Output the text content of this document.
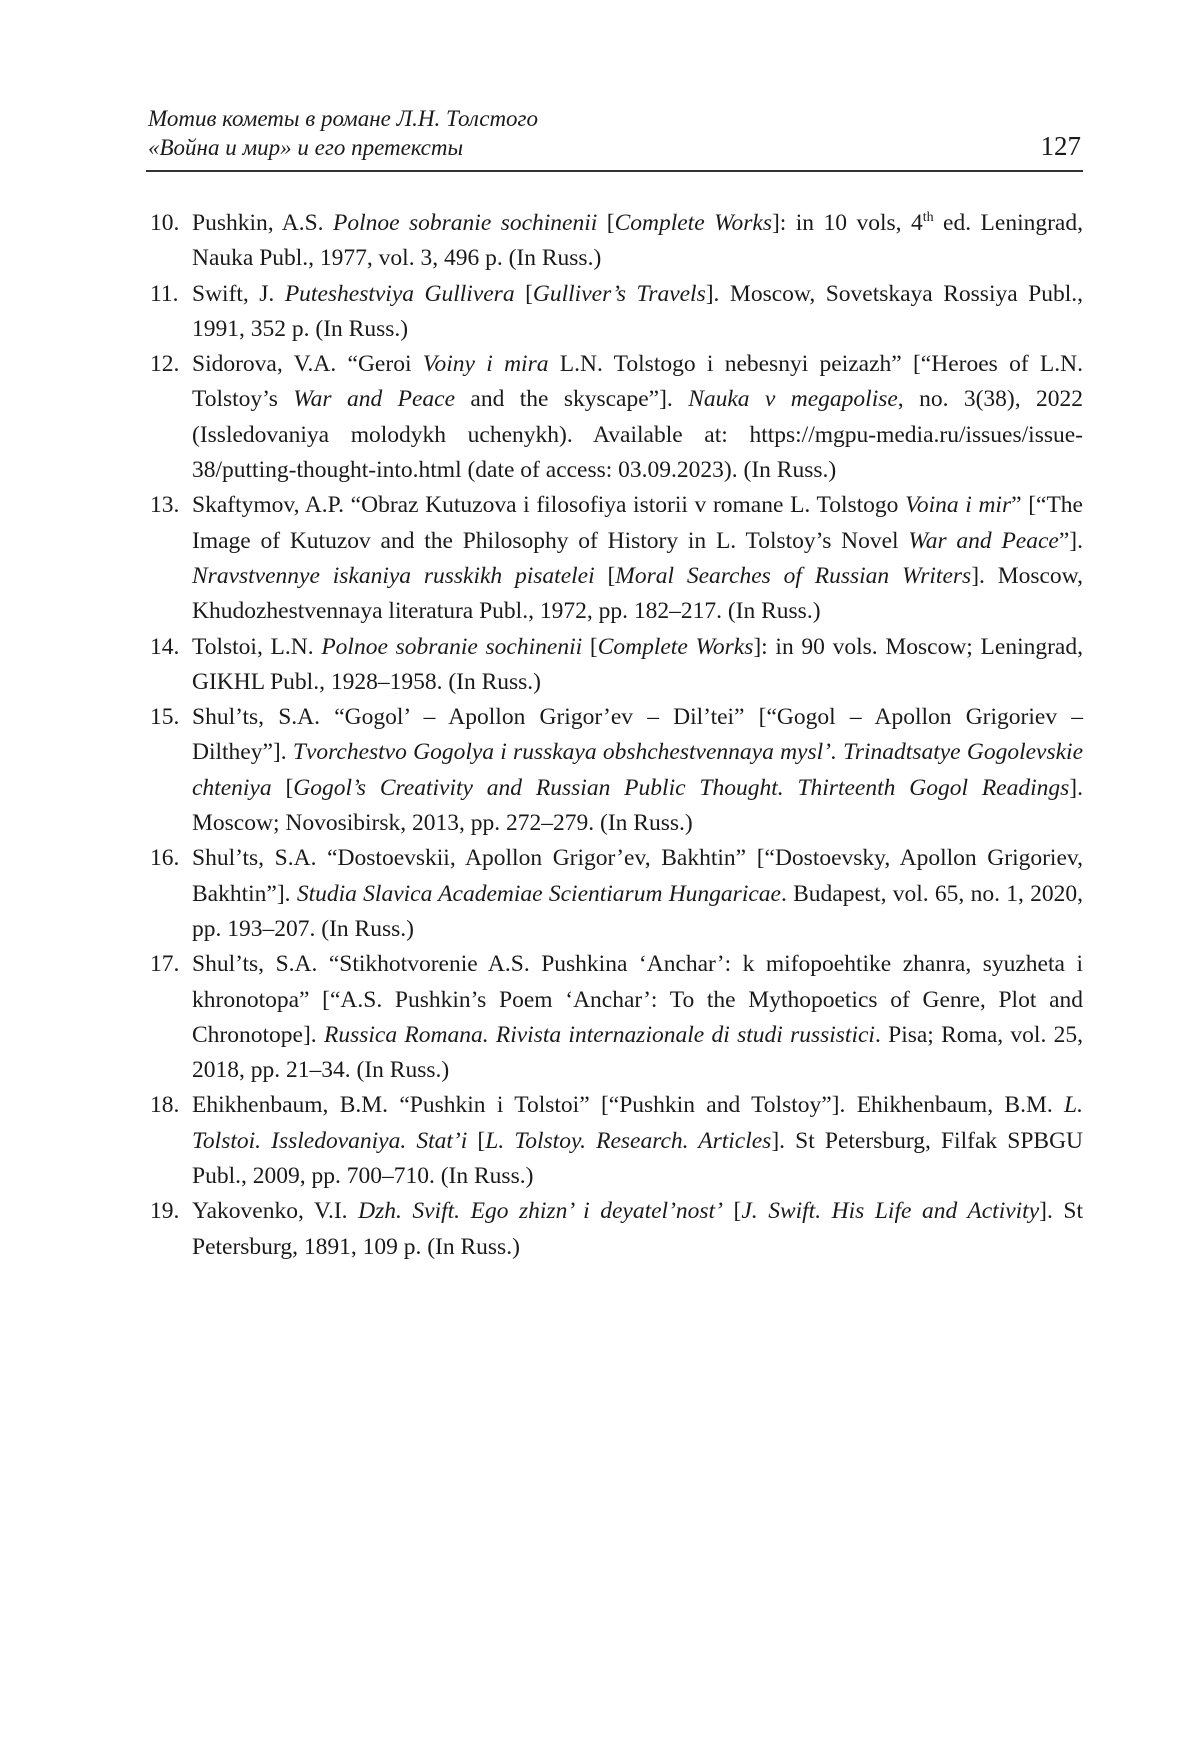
Мотив кометы в романе Л.Н. Толстого
«Война и мир» и его претексты	127
10. Pushkin, A.S. Polnoe sobranie sochinenii [Complete Works]: in 10 vols, 4th ed. Leningrad, Nauka Publ., 1977, vol. 3, 496 p. (In Russ.)
11. Swift, J. Puteshestviya Gullivera [Gulliver’s Travels]. Moscow, Sovetskaya Rossiya Publ., 1991, 352 p. (In Russ.)
12. Sidorova, V.A. “Geroi Voiny i mira L.N. Tolstogo i nebesnyi peizazh” [“Heroes of L.N. Tolstoy’s War and Peace and the skyscape”]. Nauka v megapolise, no. 3(38), 2022 (Issledovaniya molodykh uchenykh). Available at: https://mgpu-media.ru/issues/issue-38/putting-thought-into.html (date of access: 03.09.2023). (In Russ.)
13. Skaftymov, A.P. “Obraz Kutuzova i filosofiya istorii v romane L. Tolstogo Voina i mir” [“The Image of Kutuzov and the Philosophy of History in L. Tolstoy’s Novel War and Peace”]. Nravstvennye iskaniya russkikh pisatelei [Moral Searches of Russian Writers]. Moscow, Khudozhestvennaya literatura Publ., 1972, pp. 182–217. (In Russ.)
14. Tolstoi, L.N. Polnoe sobranie sochinenii [Complete Works]: in 90 vols. Moscow; Leningrad, GIKHL Publ., 1928–1958. (In Russ.)
15. Shul’ts, S.A. “Gogol’ – Apollon Grigor’ev – Dil’tei” [“Gogol – Apollon Grigoriev – Dilthey”]. Tvorchestvo Gogolya i russkaya obshchestvennaya mysl’. Trinadtsatye Gogolevskie chteniya [Gogol’s Creativity and Russian Public Thought. Thirteenth Gogol Readings]. Moscow; Novosibirsk, 2013, pp. 272–279. (In Russ.)
16. Shul’ts, S.A. “Dostoevskii, Apollon Grigor’ev, Bakhtin” [“Dostoevsky, Apollon Grigoriev, Bakhtin”]. Studia Slavica Academiae Scientiarum Hungaricae. Budapest, vol. 65, no. 1, 2020, pp. 193–207. (In Russ.)
17. Shul’ts, S.A. “Stikhotvorenie A.S. Pushkina ‘Anchar’: k mifopoehtike zhanra, syuzheta i khronotopa” [“A.S. Pushkin’s Poem ‘Anchar’: To the Mythopoetics of Genre, Plot and Chronotope]. Russica Romana. Rivista internazionale di studi russistici. Pisa; Roma, vol. 25, 2018, pp. 21–34. (In Russ.)
18. Ehikhenbaum, B.M. “Pushkin i Tolstoi” [“Pushkin and Tolstoy”]. Ehikhenbaum, B.M. L. Tolstoi. Issledovaniya. Stat’i [L. Tolstoy. Research. Articles]. St Petersburg, Filfak SPBGU Publ., 2009, pp. 700–710. (In Russ.)
19. Yakovenko, V.I. Dzh. Svift. Ego zhizn’ i deyatel’nost’ [J. Swift. His Life and Activity]. St Petersburg, 1891, 109 p. (In Russ.)
